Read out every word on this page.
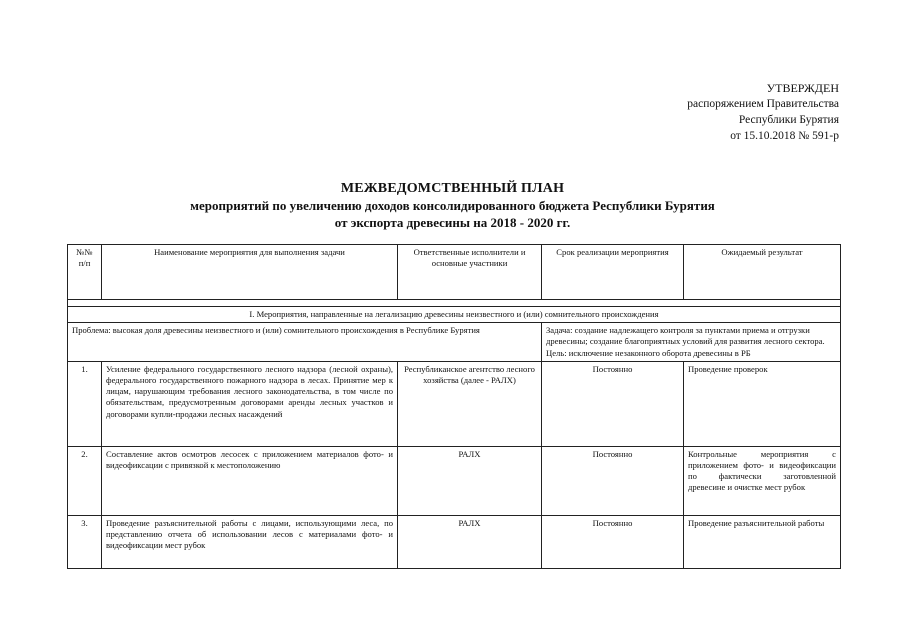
УТВЕРЖДЕН
распоряжением Правительства
Республики Бурятия
от 15.10.2018 № 591-р
МЕЖВЕДОМСТВЕННЫЙ ПЛАН
мероприятий по увеличению доходов консолидированного бюджета Республики Бурятия
от экспорта древесины на 2018 - 2020 гг.
№№ п/п	Наименование мероприятия для выполнения задачи	Ответственные исполнители и основные участники	Срок реализации мероприятия	Ожидаемый результат

I. Мероприятия, направленные на легализацию древесины неизвестного и (или) сомнительного происхождения				
Проблема: высокая доля древесины неизвестного и (или) сомнительного происхождения в Республике Бурятия			Задача: создание надлежащего контроля за пунктами приема и отгрузки древесины; создание благоприятных условий для развития лесного сектора.
Цель: исключение незаконного оборота древесины в РБ	

1.	Усиление федерального государственного лесного надзора (лесной охраны), федерального государственного пожарного надзора в лесах. Принятие мер к лицам, нарушающим требования лесного законодательства, в том числе по обязательствам, предусмотренным договорами аренды лесных участков и договорами купли-продажи лесных насаждений	Республиканское агентство лесного хозяйства (далее - РАЛХ)	Постоянно	Проведение проверок
2.	Составление актов осмотров лесосек с приложением материалов фото- и видеофиксации с привязкой к местоположению	РАЛХ	Постоянно	Контрольные мероприятия с приложением фото- и видеофиксации по фактически заготовленной древесине и очистке мест рубок
3.	Проведение разъяснительной работы с лицами, использующими леса, по представлению отчета об использовании лесов с материалами фото- и видеофиксации мест рубок	РАЛХ	Постоянно	Проведение разъяснительной работы
